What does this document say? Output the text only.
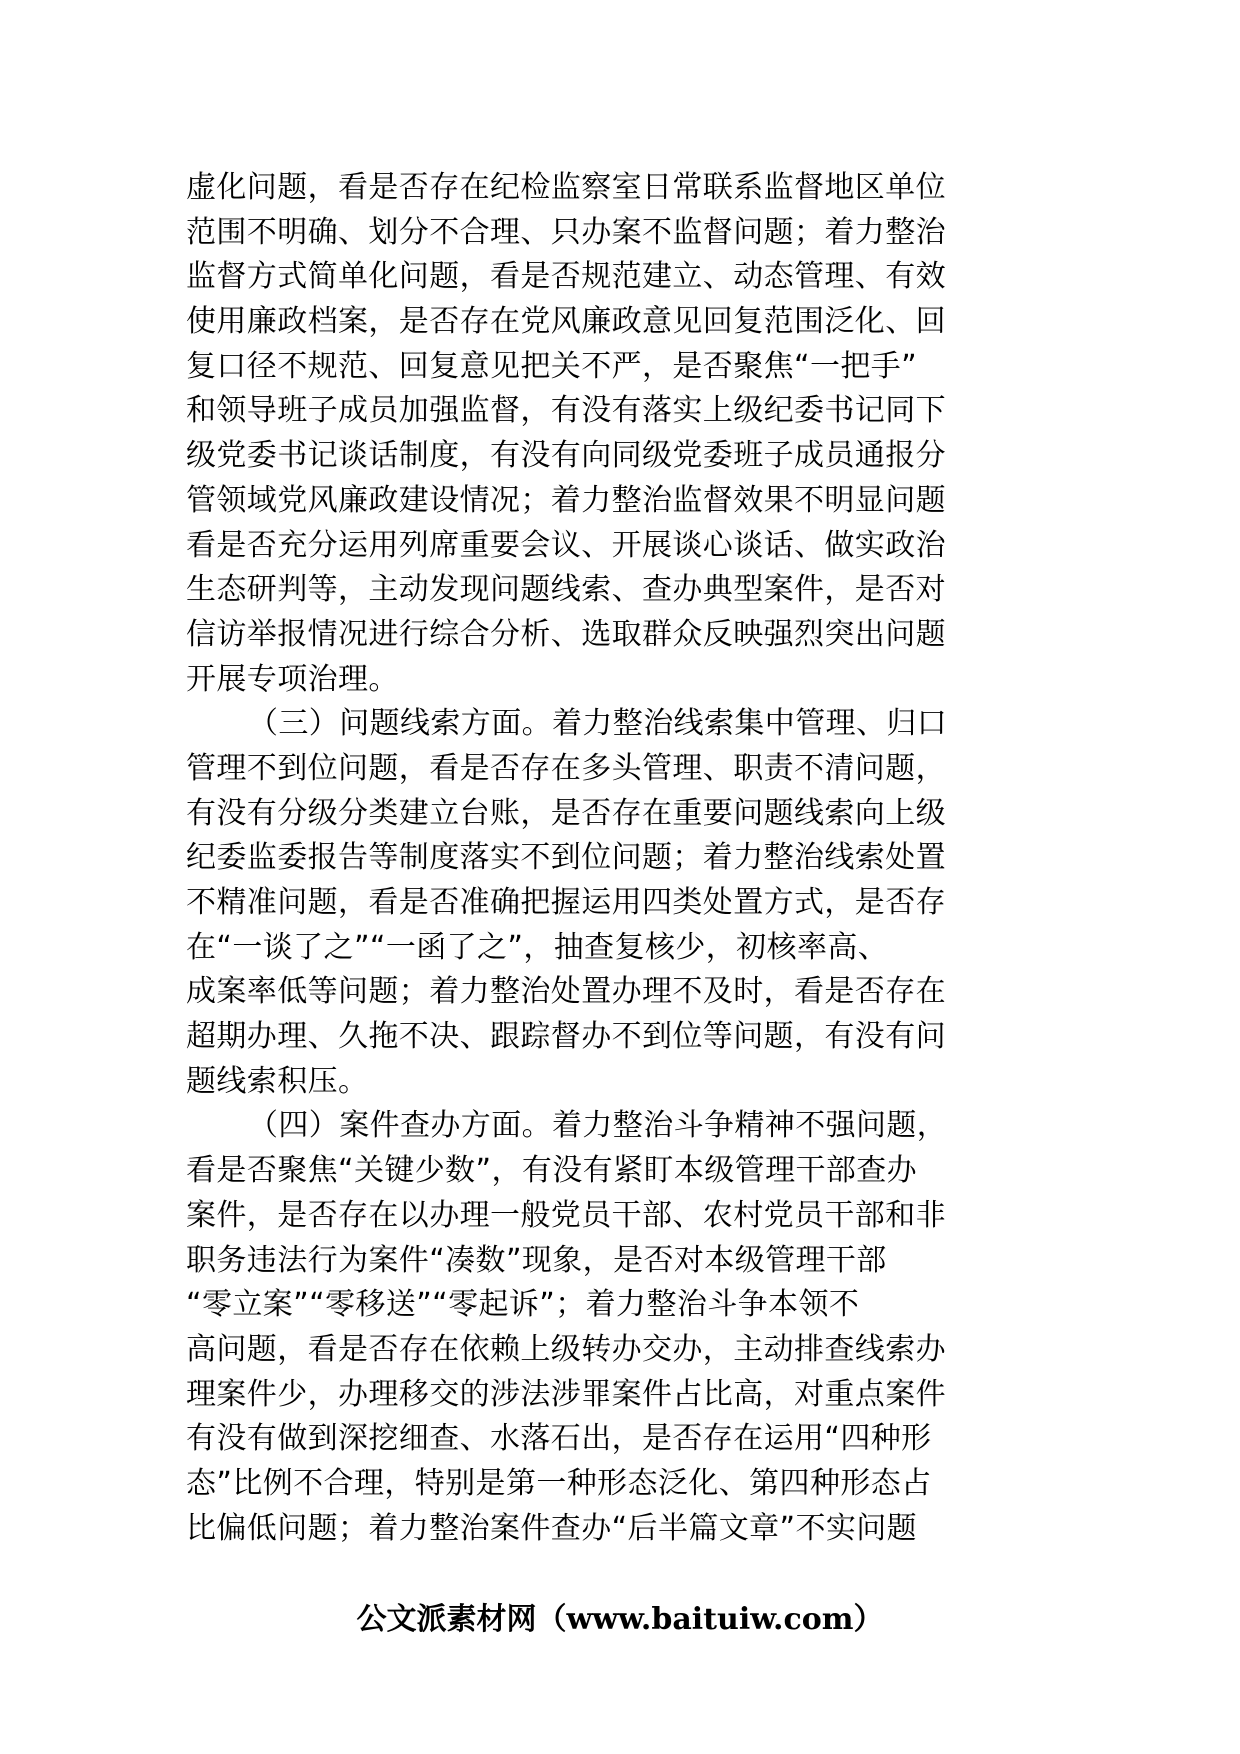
虚化问题，看是否存在纪检监察室日常联系监督地区单位
范围不明确、划分不合理、只办案不监督问题；着力整治
监督方式简单化问题，看是否规范建立、动态管理、有效
使用廉政档案，是否存在党风廉政意见回复范围泛化、回
复口径不规范、回复意见把关不严，是否聚焦“一把手”
和领导班子成员加强监督，有没有落实上级纪委书记同下
级党委书记谈话制度，有没有向同级党委班子成员通报分
管领域党风廉政建设情况；着力整治监督效果不明显问题
看是否充分运用列席重要会议、开展谈心谈话、做实政治
生态研判等，主动发现问题线索、查办典型案件，是否对
信访举报情况进行综合分析、选取群众反映强烈突出问题
开展专项治理。
（三）问题线索方面。着力整治线索集中管理、归口
管理不到位问题，看是否存在多头管理、职责不清问题，
有没有分级分类建立台账，是否存在重要问题线索向上级
纪委监委报告等制度落实不到位问题；着力整治线索处置
不精准问题，看是否准确把握运用四类处置方式，是否存
在“一谈了之”“一函了之”，抽查复核少，初核率高、
成案率低等问题；着力整治处置办理不及时，看是否存在
超期办理、久拖不决、跟踪督办不到位等问题，有没有问
题线索积压。
（四）案件查办方面。着力整治斗争精神不强问题，
看是否聚焦“关键少数”，有没有紧盯本级管理干部查办
案件，是否存在以办理一般党员干部、农村党员干部和非
职务违法行为案件“凑数”现象，是否对本级管理干部
“零立案”“零移送”“零起诉”；着力整治斗争本领不
高问题，看是否存在依赖上级转办交办，主动排查线索办
理案件少，办理移交的涉法涉罪案件占比高，对重点案件
有没有做到深挖细查、水落石出，是否存在运用“四种形
态”比例不合理，特别是第一种形态泛化、第四种形态占
比偏低问题；着力整治案件查办“后半篇文章”不实问题
公文派素材网（www.baituiw.com）
